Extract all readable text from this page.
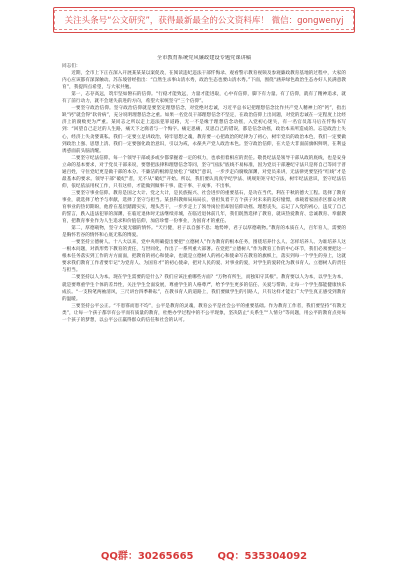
关注头条号“公文研究”，获得最新最全的公文资料库！ 微信：gongwenyj
全市教育系统党风廉政建设专题党课讲稿

同志们：

近期，全市上下正在深入开展某某某以案促改，在阅读违纪违法干部忏悔录、观看警示教育视频及参观廉政教育基地的过程中，大家的内心应该都有深深触动。苏东坡曾经指出：“自然生杀事山清水秀，政治生态也要山清水秀。”下面，围绕“涵养绿色政治生态办好人民满意教育”，我提四点希望，与大家共勉。

第一，志存高远，筑牢坚如磐石的信仰。“行稳才能致远，力量才能进取，心中有信仰，脚下有力量。有了信仰，就有了精神追求，就有了前行动力，就不会迷失前进的方向，希望大家统坚守“三个信仰”。

一要坚守政治信仰。坚守政治信仰就是要坚定理想信念，对党绝对忠诚，习近平总书记把理想信念比作共产党人精神上的“钙”，指出缺“钙”就会得“软骨病”，充分说明理想信念之重。如果一名党员干部理想信念不坚定，在政治信仰上出问题，对党的忠诚在一定程度上比经济上的腐败更为严重。某同志之所以走上违法犯罪道路，无一不是缘于理想信念动摇，入党初心迷失，有一名官员落马后在忏悔书写到：“回望自己走过的人生路，痛天下之腐者与一个悔字。痛定思痛，反思自己的错误，都是信念动摇，政治本来所造成的。忘是政治上失心，经济上失贪婪谋私。我们一定要立足讲政治，铸牢思想之魂，教育要一心把政治的纪律为了初心，树牢党员的政治本色，我们一定要做到政治上强、思想上清、我们一定要强化政治意识，引以为戒，永葆共产党人政治本色。坚守政治信仰，在大是大非面前旗帜鲜明，在利益诱惑面前头脑清醒。

二要坚守纪法信仰。每一个领导干部或多或少都掌握着一定的权力，也承担着相应的责任。敬畏纪法是领导干部从政的底线，也是安身立命的基本要求，对于党员干部来说，要想把法律和理想信念等同，坚守“国法”底线不易标准，因为党员干部遵纪守法只是将自己等同于普通百姓，守住党纪更是做干部的本分。不廉洁的根源是放松了“破纪”意识，一步步走向腐败深渊，对党员来讲，无法律更要坚持“红线”才是最基本的要求。领导干部“破纪”者，无不从“破纪”开始。所以，我们要认真真学纪学法、规规矩矩守纪守法，树牢纪法意识，坚守纪法信仰，依纪依法用权工作，只有这样，才能做到做事干事、能干事、干成事、不出事。

三要坚守事业信仰。教育是国之大计、党之大计，是民族振兴、社会进步的重要基石，是功在当代、利在千秋的德大工程。选择了教育事业，就选择了给予与奉献，选择了坚守与担当。某县科教师局局局长，曾担负着千万个孩子对未来的美好憧憬，承载着家国赤区群众对教育事业的热切期盼，他曾在基层踏踏实实，埋头苦干，一步步走上了领导岗位但却因信仰动摇、理想丧失，忘记了入党的初心，违反了自己的誓言，跌入违法犯罪的深渊，在临近退休时无法继续赤城，在临近退休前几年，我们既然选择了教育，就该热爱教育、忠诚教育、奉献教育，把教育事业作为人生追求和价值信仰，加倍珍惜一份事业，为国育才的重任。

第二，厚德载物，坚守大爱无疆的情怀。“天行健，君子以自强不息；地势坤，君子以厚德载物。”教育的本质在人，百年育人，需要的是胸怀若谷的情怀和心底无私的博爱。

一要坚持立德树人。十八大以来，党中央明确提出要把“立德树人”作为教育的根本任务，围绕培养什么人、怎样培养人、为谁培养人这一根本问题，对新形势下教育的责任，与世同化，作出了一系列重大部署。在党把“立德树人”作为教育工作的中心环节，我们必须要把这一根本任务落实到工作的方方面面，把教育的初心和使命，也就是立德树人的初心和使命写在教育的旗帜上，落实到每一个学生的身上，这就要求我们教育工作者要牢记“为党育人、为国育才”的初心使命，把对人民的爱、对事业的爱，对学生的爱转化为教书育人、立德树人的责任与担当。

二要坚持以人为本。现在学生需要的是什么？我们应该注重哪些方面？“万物有所生，而独知守其根”。教育要以人为本，以学生为本，就是要尊重学生个体的差异性，关注学生全面发展，尊重学生的人格尊严，给予学生更多的信任、关爱与帮助，让每一个学生都能健康快乐成长。“一支粉笔两袖清风，三尺讲台四季耕耘”，在教书育人的道路上，我们要做学生的引路人，只有这样才能让广大学生真正感受到教育的温暖。

三要坚持公平公正。“不患寡而患不均”，公平是教育的灵魂，教育公平是社会公平的重要基础。作为教育工作者，我们要坚持“有教无类”，让每一个孩子都享有公平而有质量的教育，杜绝办学过程中的不公平现象，坚决防止“关系生”“人情分”等问题，用公平的教育点亮每一个孩子的梦想，以公平公正赢得群众的信任和社会的认可。

QQ群：30265665 QQ：535304092
